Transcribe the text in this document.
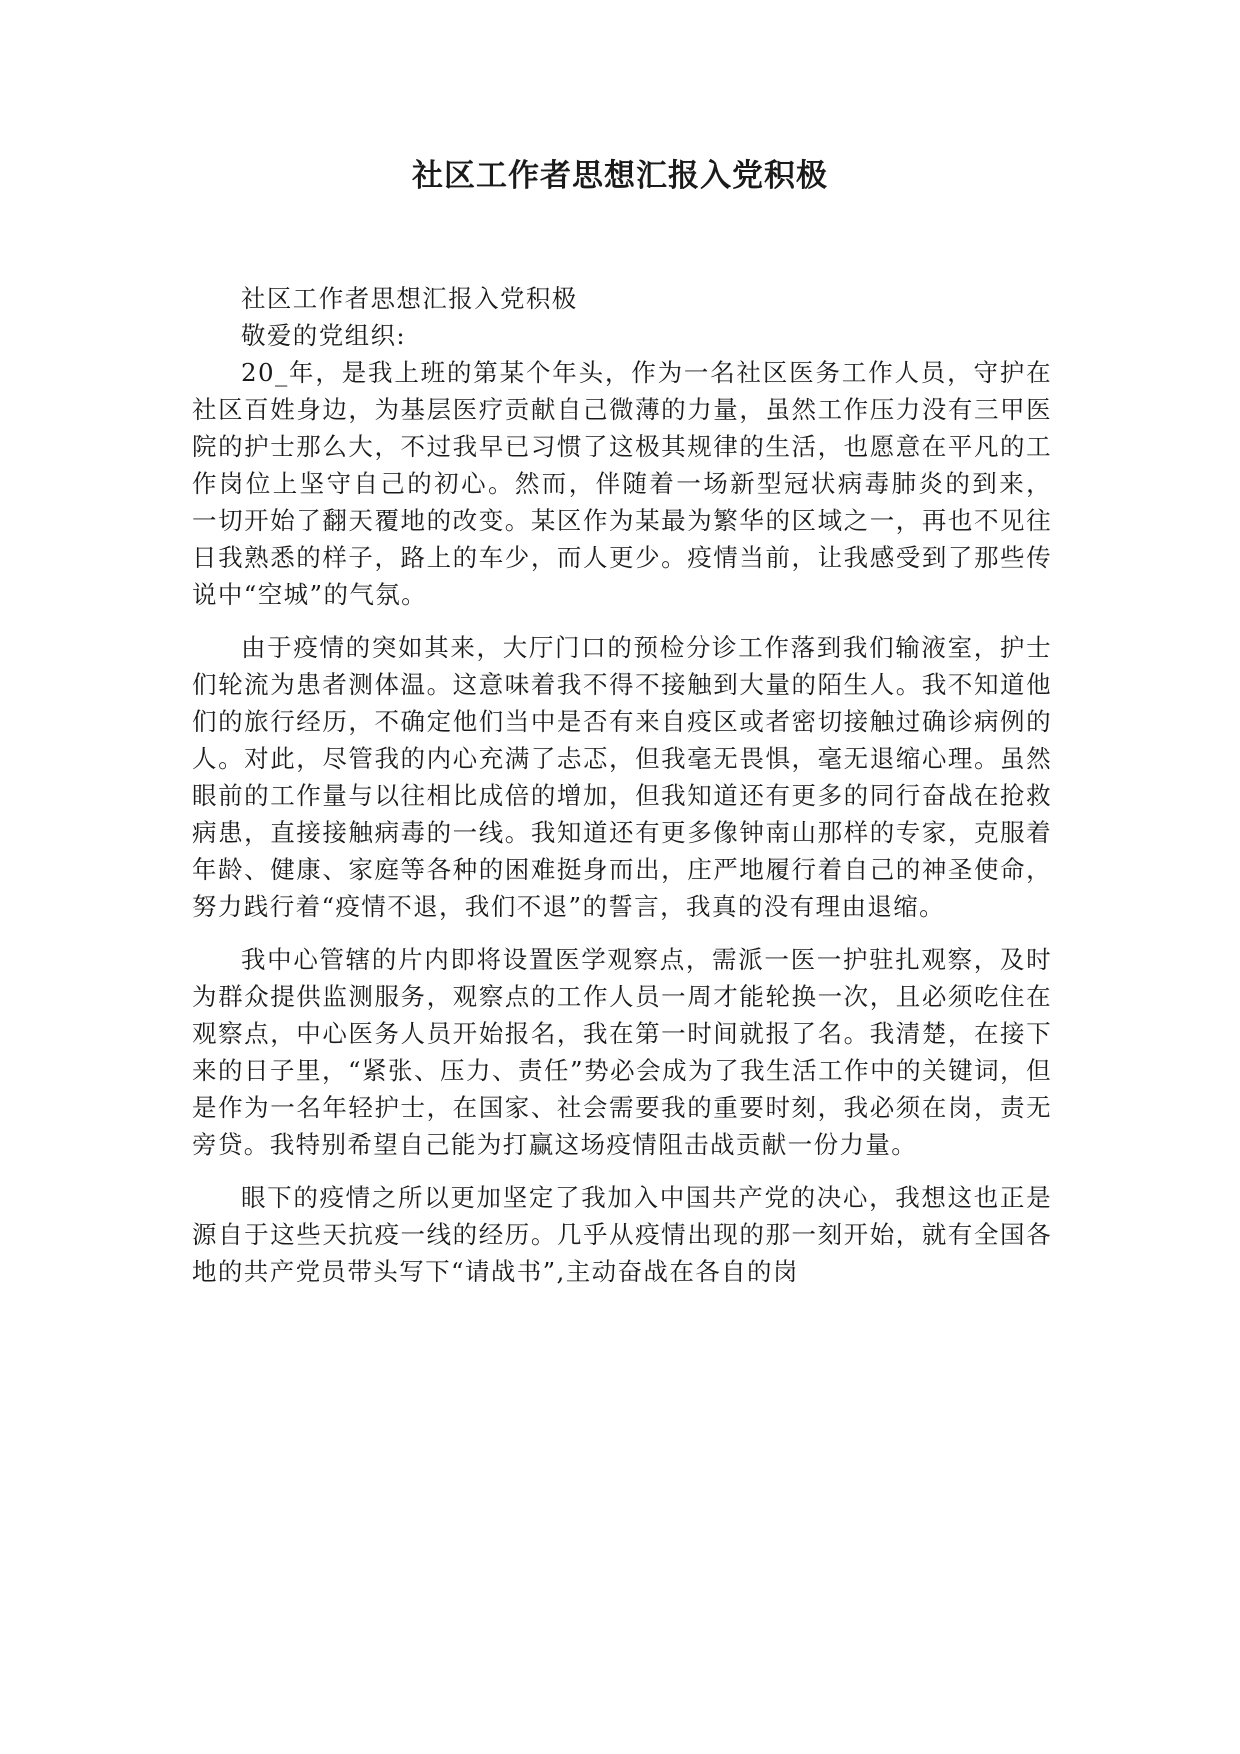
社区工作者思想汇报入党积极

社区工作者思想汇报入党积极

敬爱的党组织:

20_年，是我上班的第某个年头，作为一名社区医务工作人员，守护在社区百姓身边，为基层医疗贡献自己微薄的力量，虽然工作压力没有三甲医院的护士那么大，不过我早已习惯了这极其规律的生活，也愿意在平凡的工作岗位上坚守自己的初心。然而，伴随着一场新型冠状病毒肺炎的到来， 一切开始了翻天覆地的改变。某区作为某最为繁华的区域之一，再也不见往日我熟悉的样子，路上的车少，而人更少。疫情当前，让我感受到了那些传说中“空城”的气氛。

由于疫情的突如其来，大厅门口的预检分诊工作落到我们输液室，护士们轮流为患者测体温。这意味着我不得不接触到大量的陌生人。我不知道他们的旅行经历，不确定他们当中是否有来自疫区或者密切接触过确诊病例的人。对此，尽管我的内心充满了忐忑，但我毫无畏惧，毫无退缩心理。虽然眼前的工作量与以往相比成倍的增加，但我知道还有更多的同行奋战在抢救病患，直接接触病毒的一线。我知道还有更多像钟南山那样的专家，克服着年龄、健康、家庭等各种的困难挺身而出，庄严地履行着自己的神圣使命，努力践行着“疫情不退，我们不退”的誓言，我真的没有理由退缩。

我中心管辖的片内即将设置医学观察点，需派一医一护驻扎观察，及时为群众提供监测服务，观察点的工作人员一周才能轮换一次，且必须吃住在观察点，中心医务人员开始报名，我在第一时间就报了名。我清楚，在接下来的日子里，“紧张、压力、责任”势必会成为了我生活工作中的关键词，但是作为一名年轻护士，在国家、社会需要我的重要时刻，我必须在岗，责无旁贷。我特别希望自己能为打赢这场疫情阻击战贡献一份力量。

眼下的疫情之所以更加坚定了我加入中国共产党的决心，我想这也正是源自于这些天抗疫一线的经历。几乎从疫情出现的那一刻开始，就有全国各地的共产党员带头写下“请战书”,主动奋战在各自的岗
